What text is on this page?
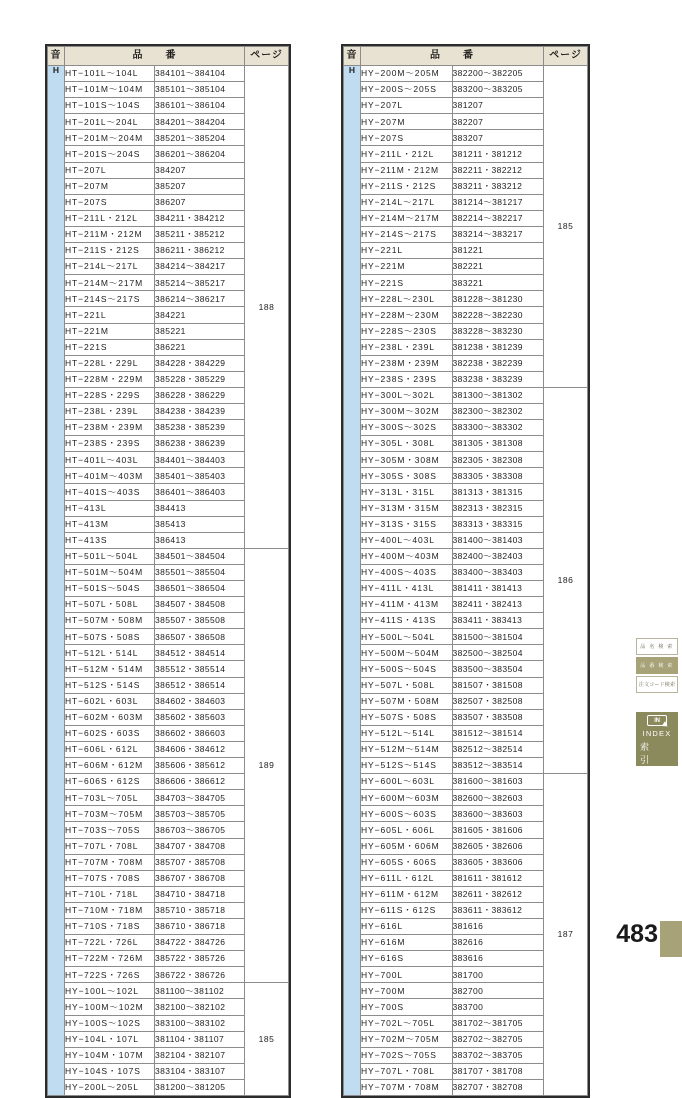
音	品　　番		ページ
H	HT−101L〜104L	384101〜384104	188
	HT−101M〜104M	385101〜385104	
	HT−101S〜104S	386101〜386104	
	HT−201L〜204L	384201〜384204	
	HT−201M〜204M	385201〜385204	
	HT−201S〜204S	386201〜386204	
	HT−207L	384207	
	HT−207M	385207	
	HT−207S	386207	
	HT−211L・212L	384211・384212	
	HT−211M・212M	385211・385212	
	HT−211S・212S	386211・386212	
	HT−214L〜217L	384214〜384217	
	HT−214M〜217M	385214〜385217	
	HT−214S〜217S	386214〜386217	
	HT−221L	384221	
	HT−221M	385221	
	HT−221S	386221	
	HT−228L・229L	384228・384229	
	HT−228M・229M	385228・385229	
	HT−228S・229S	386228・386229	
	HT−238L・239L	384238・384239	
	HT−238M・239M	385238・385239	
	HT−238S・239S	386238・386239	
	HT−401L〜403L	384401〜384403	
	HT−401M〜403M	385401〜385403	
	HT−401S〜403S	386401〜386403	
	HT−413L	384413	
	HT−413M	385413	
	HT−413S	386413	
	HT−501L〜504L	384501〜384504	189
	HT−501M〜504M	385501〜385504	
	HT−501S〜504S	386501〜386504	
	HT−507L・508L	384507・384508	
	HT−507M・508M	385507・385508	
	HT−507S・508S	386507・386508	
	HT−512L・514L	384512・384514	
	HT−512M・514M	385512・385514	
	HT−512S・514S	386512・386514	
	HT−602L・603L	384602・384603	
	HT−602M・603M	385602・385603	
	HT−602S・603S	386602・386603	
	HT−606L・612L	384606・384612	
	HT−606M・612M	385606・385612	
	HT−606S・612S	386606・386612	
	HT−703L〜705L	384703〜384705	
	HT−703M〜705M	385703〜385705	
	HT−703S〜705S	386703〜386705	
	HT−707L・708L	384707・384708	
	HT−707M・708M	385707・385708	
	HT−707S・708S	386707・386708	
	HT−710L・718L	384710・384718	
	HT−710M・718M	385710・385718	
	HT−710S・718S	386710・386718	
	HT−722L・726L	384722・384726	
	HT−722M・726M	385722・385726	
	HT−722S・726S	386722・386726	
	HY−100L〜102L	381100〜381102	185
	HY−100M〜102M	382100〜382102	
	HY−100S〜102S	383100〜383102	
	HY−104L・107L	381104・381107	
	HY−104M・107M	382104・382107	
	HY−104S・107S	383104・383107	
	HY−200L〜205L	381200〜381205	
音	品　　番		ページ
H	HY−200M〜205M	382200〜382205	185
	HY−200S〜205S	383200〜383205	
	HY−207L	381207	
	HY−207M	382207	
	HY−207S	383207	
	HY−211L・212L	381211・381212	
	HY−211M・212M	382211・382212	
	HY−211S・212S	383211・383212	
	HY−214L〜217L	381214〜381217	
	HY−214M〜217M	382214〜382217	
	HY−214S〜217S	383214〜383217	
	HY−221L	381221	
	HY−221M	382221	
	HY−221S	383221	
	HY−228L〜230L	381228〜381230	
	HY−228M〜230M	382228〜382230	
	HY−228S〜230S	383228〜383230	
	HY−238L・239L	381238・381239	
	HY−238M・239M	382238・382239	
	HY−238S・239S	383238・383239	
	HY−300L〜302L	381300〜381302	186
	HY−300M〜302M	382300〜382302	
	HY−300S〜302S	383300〜383302	
	HY−305L・308L	381305・381308	
	HY−305M・308M	382305・382308	
	HY−305S・308S	383305・383308	
	HY−313L・315L	381313・381315	
	HY−313M・315M	382313・382315	
	HY−313S・315S	383313・383315	
	HY−400L〜403L	381400〜381403	
	HY−400M〜403M	382400〜382403	
	HY−400S〜403S	383400〜383403	
	HY−411L・413L	381411・381413	
	HY−411M・413M	382411・382413	
	HY−411S・413S	383411・383413	
	HY−500L〜504L	381500〜381504	
	HY−500M〜504M	382500〜382504	
	HY−500S〜504S	383500〜383504	
	HY−507L・508L	381507・381508	
	HY−507M・508M	382507・382508	
	HY−507S・508S	383507・383508	
	HY−512L〜514L	381512〜381514	
	HY−512M〜514M	382512〜382514	
	HY−512S〜514S	383512〜383514	
	HY−600L〜603L	381600〜381603	187
	HY−600M〜603M	382600〜382603	
	HY−600S〜603S	383600〜383603	
	HY−605L・606L	381605・381606	
	HY−605M・606M	382605・382606	
	HY−605S・606S	383605・383606	
	HY−611L・612L	381611・381612	
	HY−611M・612M	382611・382612	
	HY−611S・612S	383611・383612	
	HY−616L	381616	
	HY−616M	382616	
	HY−616S	383616	
	HY−700L	381700	
	HY−700M	382700	
	HY−700S	383700	
	HY−702L〜705L	381702〜381705	
	HY−702M〜705M	382702〜382705	
	HY−702S〜705S	383702〜383705	
	HY−707L・708L	381707・381708	
	HY−707M・708M	382707・382708	
品 名 検 索
品 番 検 索
注文コード検索
IN
INDEX
索　引
483
